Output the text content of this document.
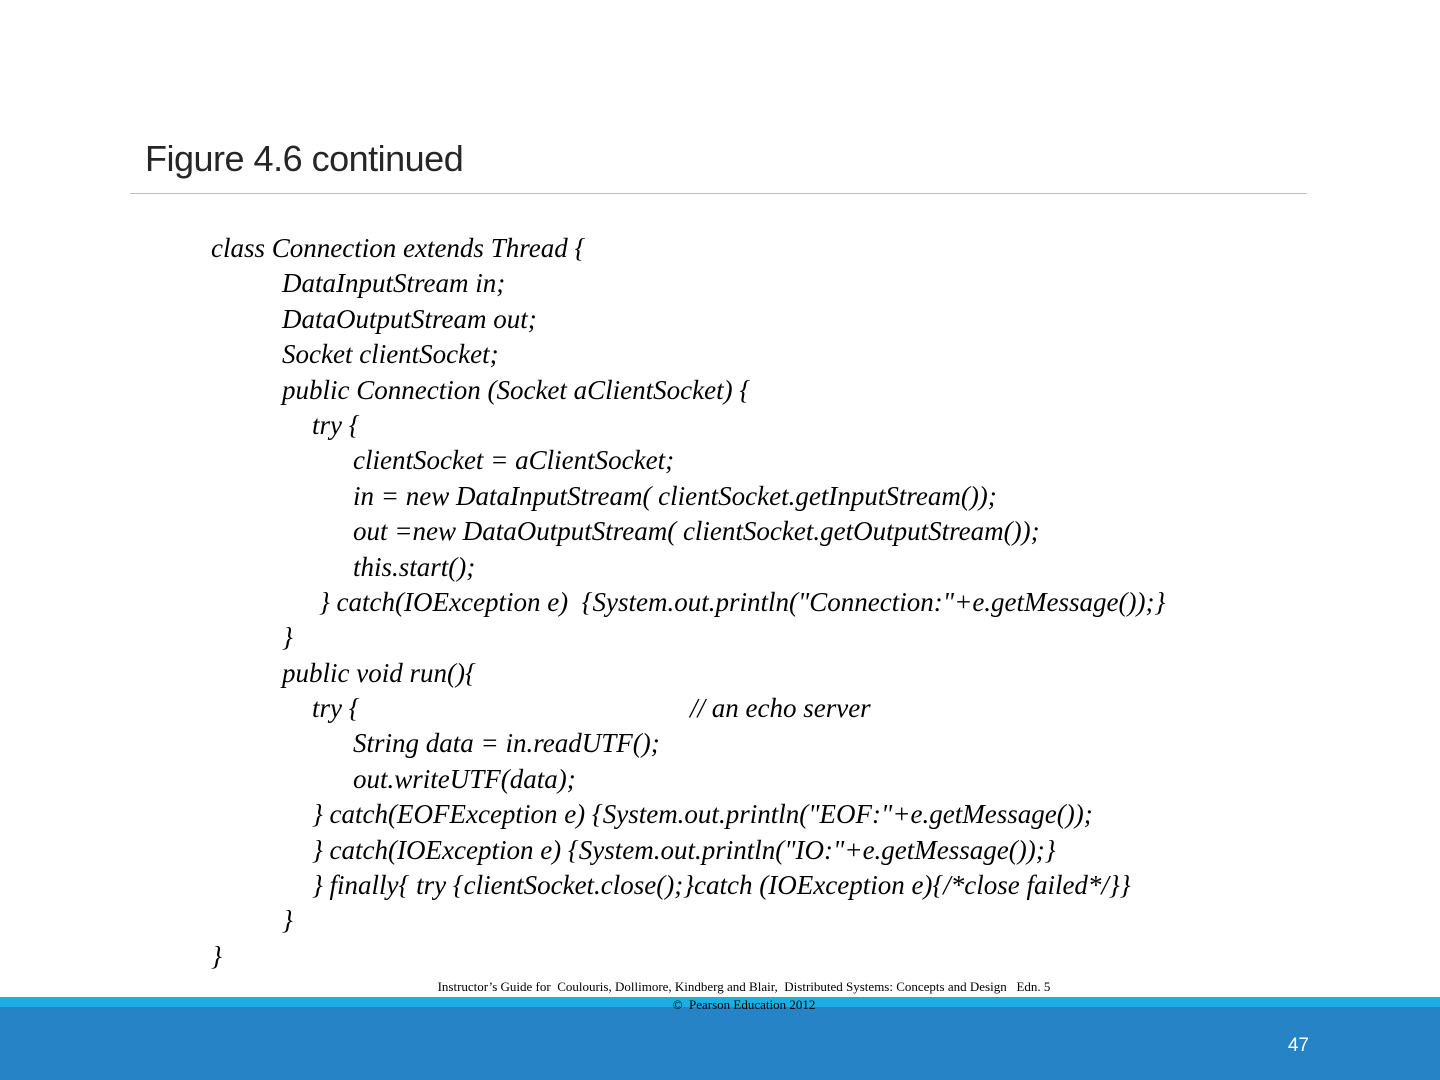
Figure 4.6 continued
class Connection extends Thread {
DataInputStream in;
DataOutputStream out;
Socket clientSocket;
public Connection (Socket aClientSocket) {
try {
clientSocket = aClientSocket;
in = new DataInputStream( clientSocket.getInputStream());
out =new DataOutputStream( clientSocket.getOutputStream());
this.start();
} catch(IOException e)  {System.out.println("Connection:"+e.getMessage());}
}
public void run(){
try {	// an echo server
String data = in.readUTF();
out.writeUTF(data);
} catch(EOFException e) {System.out.println("EOF:"+e.getMessage());
} catch(IOException e) {System.out.println("IO:"+e.getMessage());}
} finally{ try {clientSocket.close();}catch (IOException e){/*close failed*/}}
}
}
Instructor’s Guide for  Coulouris, Dollimore, Kindberg and Blair,  Distributed Systems: Concepts and Design   Edn. 5
©  Pearson Education 2012
47
